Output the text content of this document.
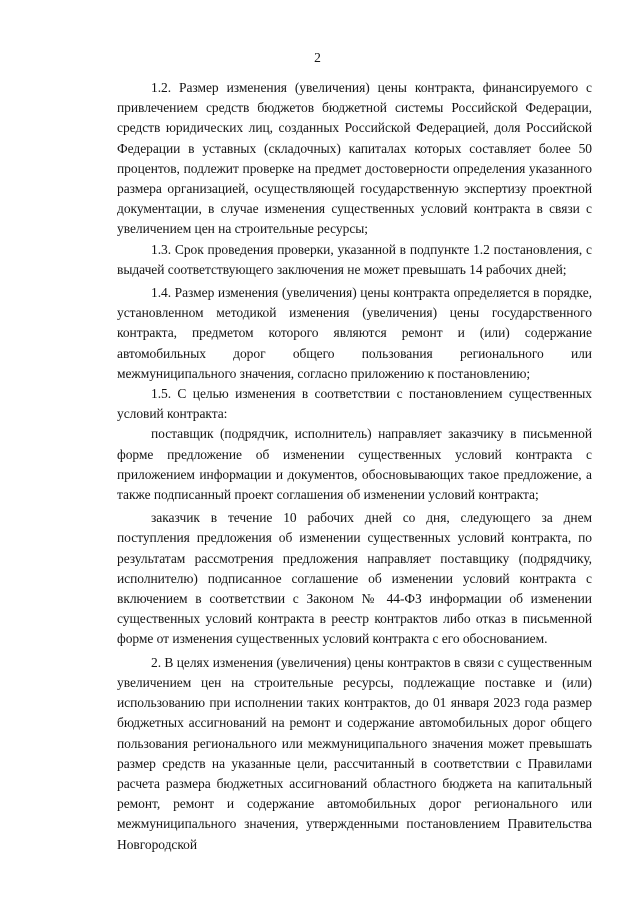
2

1.2. Размер изменения (увеличения) цены контракта, финансируемого с привлечением средств бюджетов бюджетной системы Российской Федерации, средств юридических лиц, созданных Российской Федерацией, доля Российской Федерации в уставных (складочных) капиталах которых составляет более 50 процентов, подлежит проверке на предмет достоверности определения указанного размера организацией, осуществляющей государственную экспертизу проектной документации, в случае изменения существенных условий контракта в связи с увеличением цен на строительные ресурсы;

1.3. Срок проведения проверки, указанной в подпункте 1.2 постановления, с выдачей соответствующего заключения не может превышать 14 рабочих дней;

1.4. Размер изменения (увеличения) цены контракта определяется в порядке, установленном методикой изменения (увеличения) цены государственного контракта, предметом которого являются ремонт и (или) содержание автомобильных дорог общего пользования регионального или межмуниципального значения, согласно приложению к постановлению;

1.5. С целью изменения в соответствии с постановлением существенных условий контракта:

поставщик (подрядчик, исполнитель) направляет заказчику в письменной форме предложение об изменении существенных условий контракта с приложением информации и документов, обосновывающих такое предложение, а также подписанный проект соглашения об изменении условий контракта;

заказчик в течение 10 рабочих дней со дня, следующего за днем поступления предложения об изменении существенных условий контракта, по результатам рассмотрения предложения направляет поставщику (подрядчику, исполнителю) подписанное соглашение об изменении условий контракта с включением в соответствии с Законом № 44-ФЗ информации об изменении существенных условий контракта в реестр контрактов либо отказ в письменной форме от изменения существенных условий контракта с его обоснованием.

2. В целях изменения (увеличения) цены контрактов в связи с существенным увеличением цен на строительные ресурсы, подлежащие поставке и (или) использованию при исполнении таких контрактов, до 01 января 2023 года размер бюджетных ассигнований на ремонт и содержание автомобильных дорог общего пользования регионального или межмуниципального значения может превышать размер средств на указанные цели, рассчитанный в соответствии с Правилами расчета размера бюджетных ассигнований областного бюджета на капитальный ремонт, ремонт и содержание автомобильных дорог регионального или межмуниципального значения, утвержденными постановлением Правительства Новгородской
